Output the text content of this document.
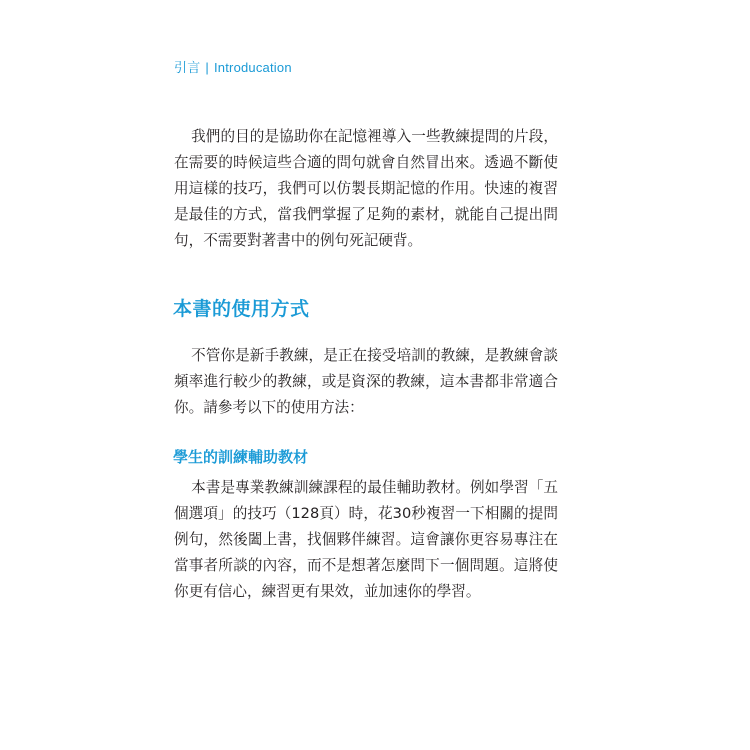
引言 | Introducation

我們的目的是協助你在記憶裡導入一些教練提問的片段，在需要的時候這些合適的問句就會自然冒出來。透過不斷使用這樣的技巧，我們可以仿製長期記憶的作用。快速的複習是最佳的方式，當我們掌握了足夠的素材，就能自己提出問句，不需要對著書中的例句死記硬背。

本書的使用方式

不管你是新手教練，是正在接受培訓的教練，是教練會談頻率進行較少的教練，或是資深的教練，這本書都非常適合你。請參考以下的使用方法：

學生的訓練輔助教材

本書是專業教練訓練課程的最佳輔助教材。例如學習「五個選項」的技巧（128頁）時，花30秒複習一下相關的提問例句，然後闔上書，找個夥伴練習。這會讓你更容易專注在當事者所談的內容，而不是想著怎麼問下一個問題。這將使你更有信心，練習更有果效，並加速你的學習。
